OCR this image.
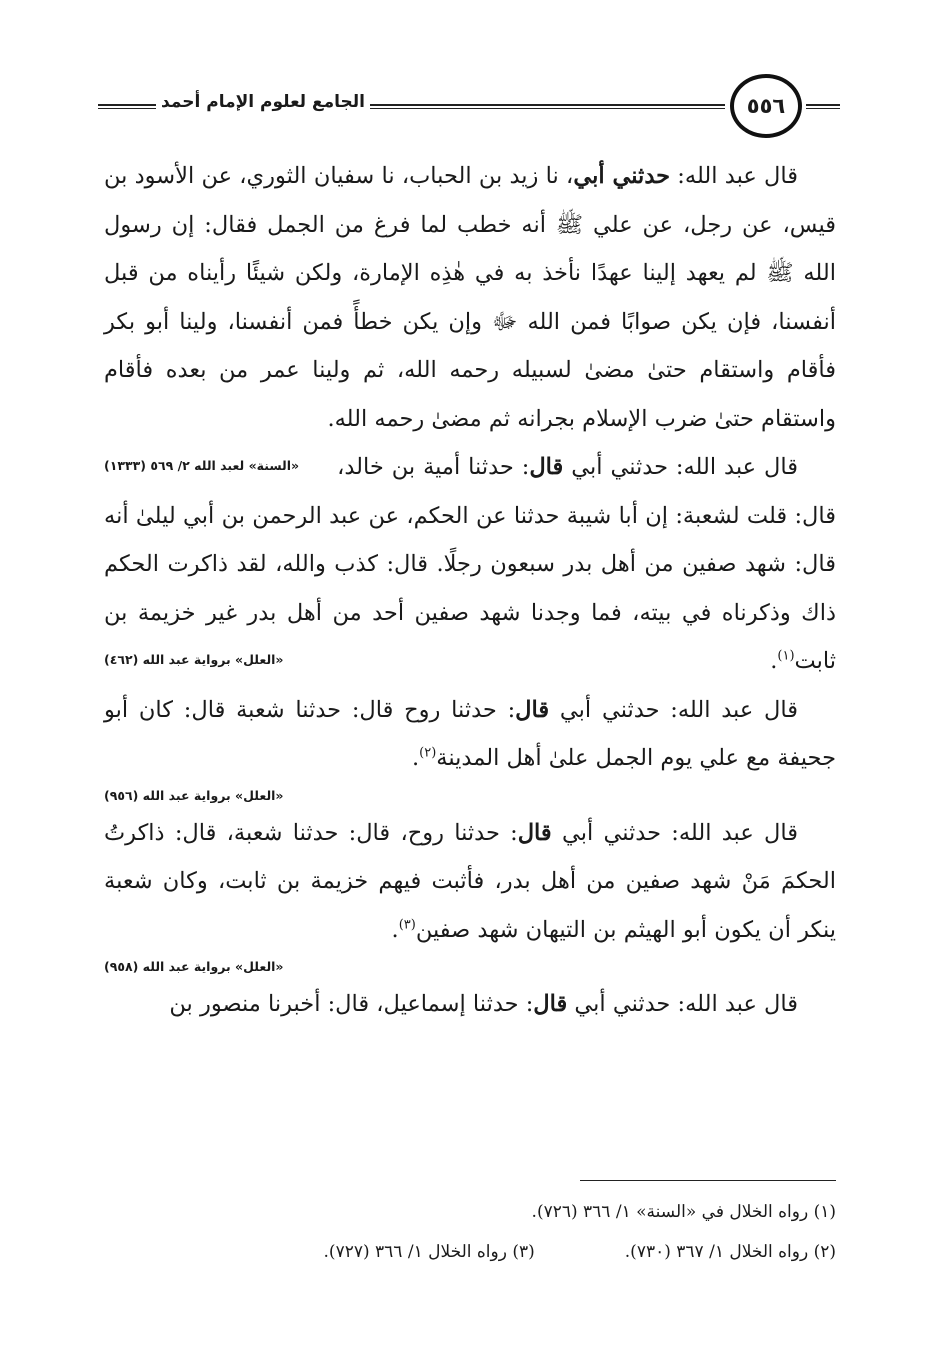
الجامع لعلوم الإمام أحمد	٥٥٦

قال عبد الله: حدثني أبي، نا زيد بن الحباب، نا سفيان الثوري، عن الأسود بن قيس، عن رجل، عن علي ﷺ أنه خطب لما فرغ من الجمل فقال: إن رسول الله ﷺ لم يعهد إلينا عهدًا نأخذ به في هٰذِه الإمارة، ولكن شيئًا رأيناه من قبل أنفسنا، فإن يكن صوابًا فمن الله ﷻ وإن يكن خطأً فمن أنفسنا، ولينا أبو بكر فأقام واستقام حتىٰ مضىٰ لسبيله رحمه الله، ثم ولينا عمر من بعده فأقام واستقام حتىٰ ضرب الإسلام بجرانه ثم مضىٰ رحمه الله.
«السنة» لعبد الله ٢/ ٥٦٩ (١٣٣٣)	قال عبد الله: حدثني أبي قال: حدثنا أمية بن خالد، قال: قلت لشعبة: إن أبا شيبة حدثنا عن الحكم، عن عبد الرحمن بن أبي ليلىٰ أنه قال: شهد صفين من أهل بدر سبعون رجلًا. قال: كذب والله، لقد ذاكرت الحكم ذاك وذكرناه في بيته، فما وجدنا شهد صفين أحد من أهل بدر غير خزيمة بن ثابت$^{(١)}$.
«العلل» برواية عبد الله (٤٦٢)

قال عبد الله: حدثني أبي قال: حدثنا روح قال: حدثنا شعبة قال: كان أبو جحيفة مع علي يوم الجمل علىٰ أهل المدينة$^{(٢)}$.

«العلل» برواية عبد الله (٩٥٦)

قال عبد الله: حدثني أبي قال: حدثنا روح، قال: حدثنا شعبة، قال: ذاكرتُ الحكمَ مَنْ شهد صفين من أهل بدر، فأثبت فيهم خزيمة بن ثابت، وكان شعبة ينكر أن يكون أبو الهيثم بن التيهان شهد صفين$^{(٣)}$.

«العلل» برواية عبد الله (٩٥٨)

قال عبد الله: حدثني أبي قال: حدثنا إسماعيل، قال: أخبرنا منصور بن

(١) رواه الخلال في «السنة» ١/ ٣٦٦ (٧٢٦).

(٢) رواه الخلال ١/ ٣٦٧ (٧٣٠).(٣) رواه الخلال ١/ ٣٦٦ (٧٢٧).
